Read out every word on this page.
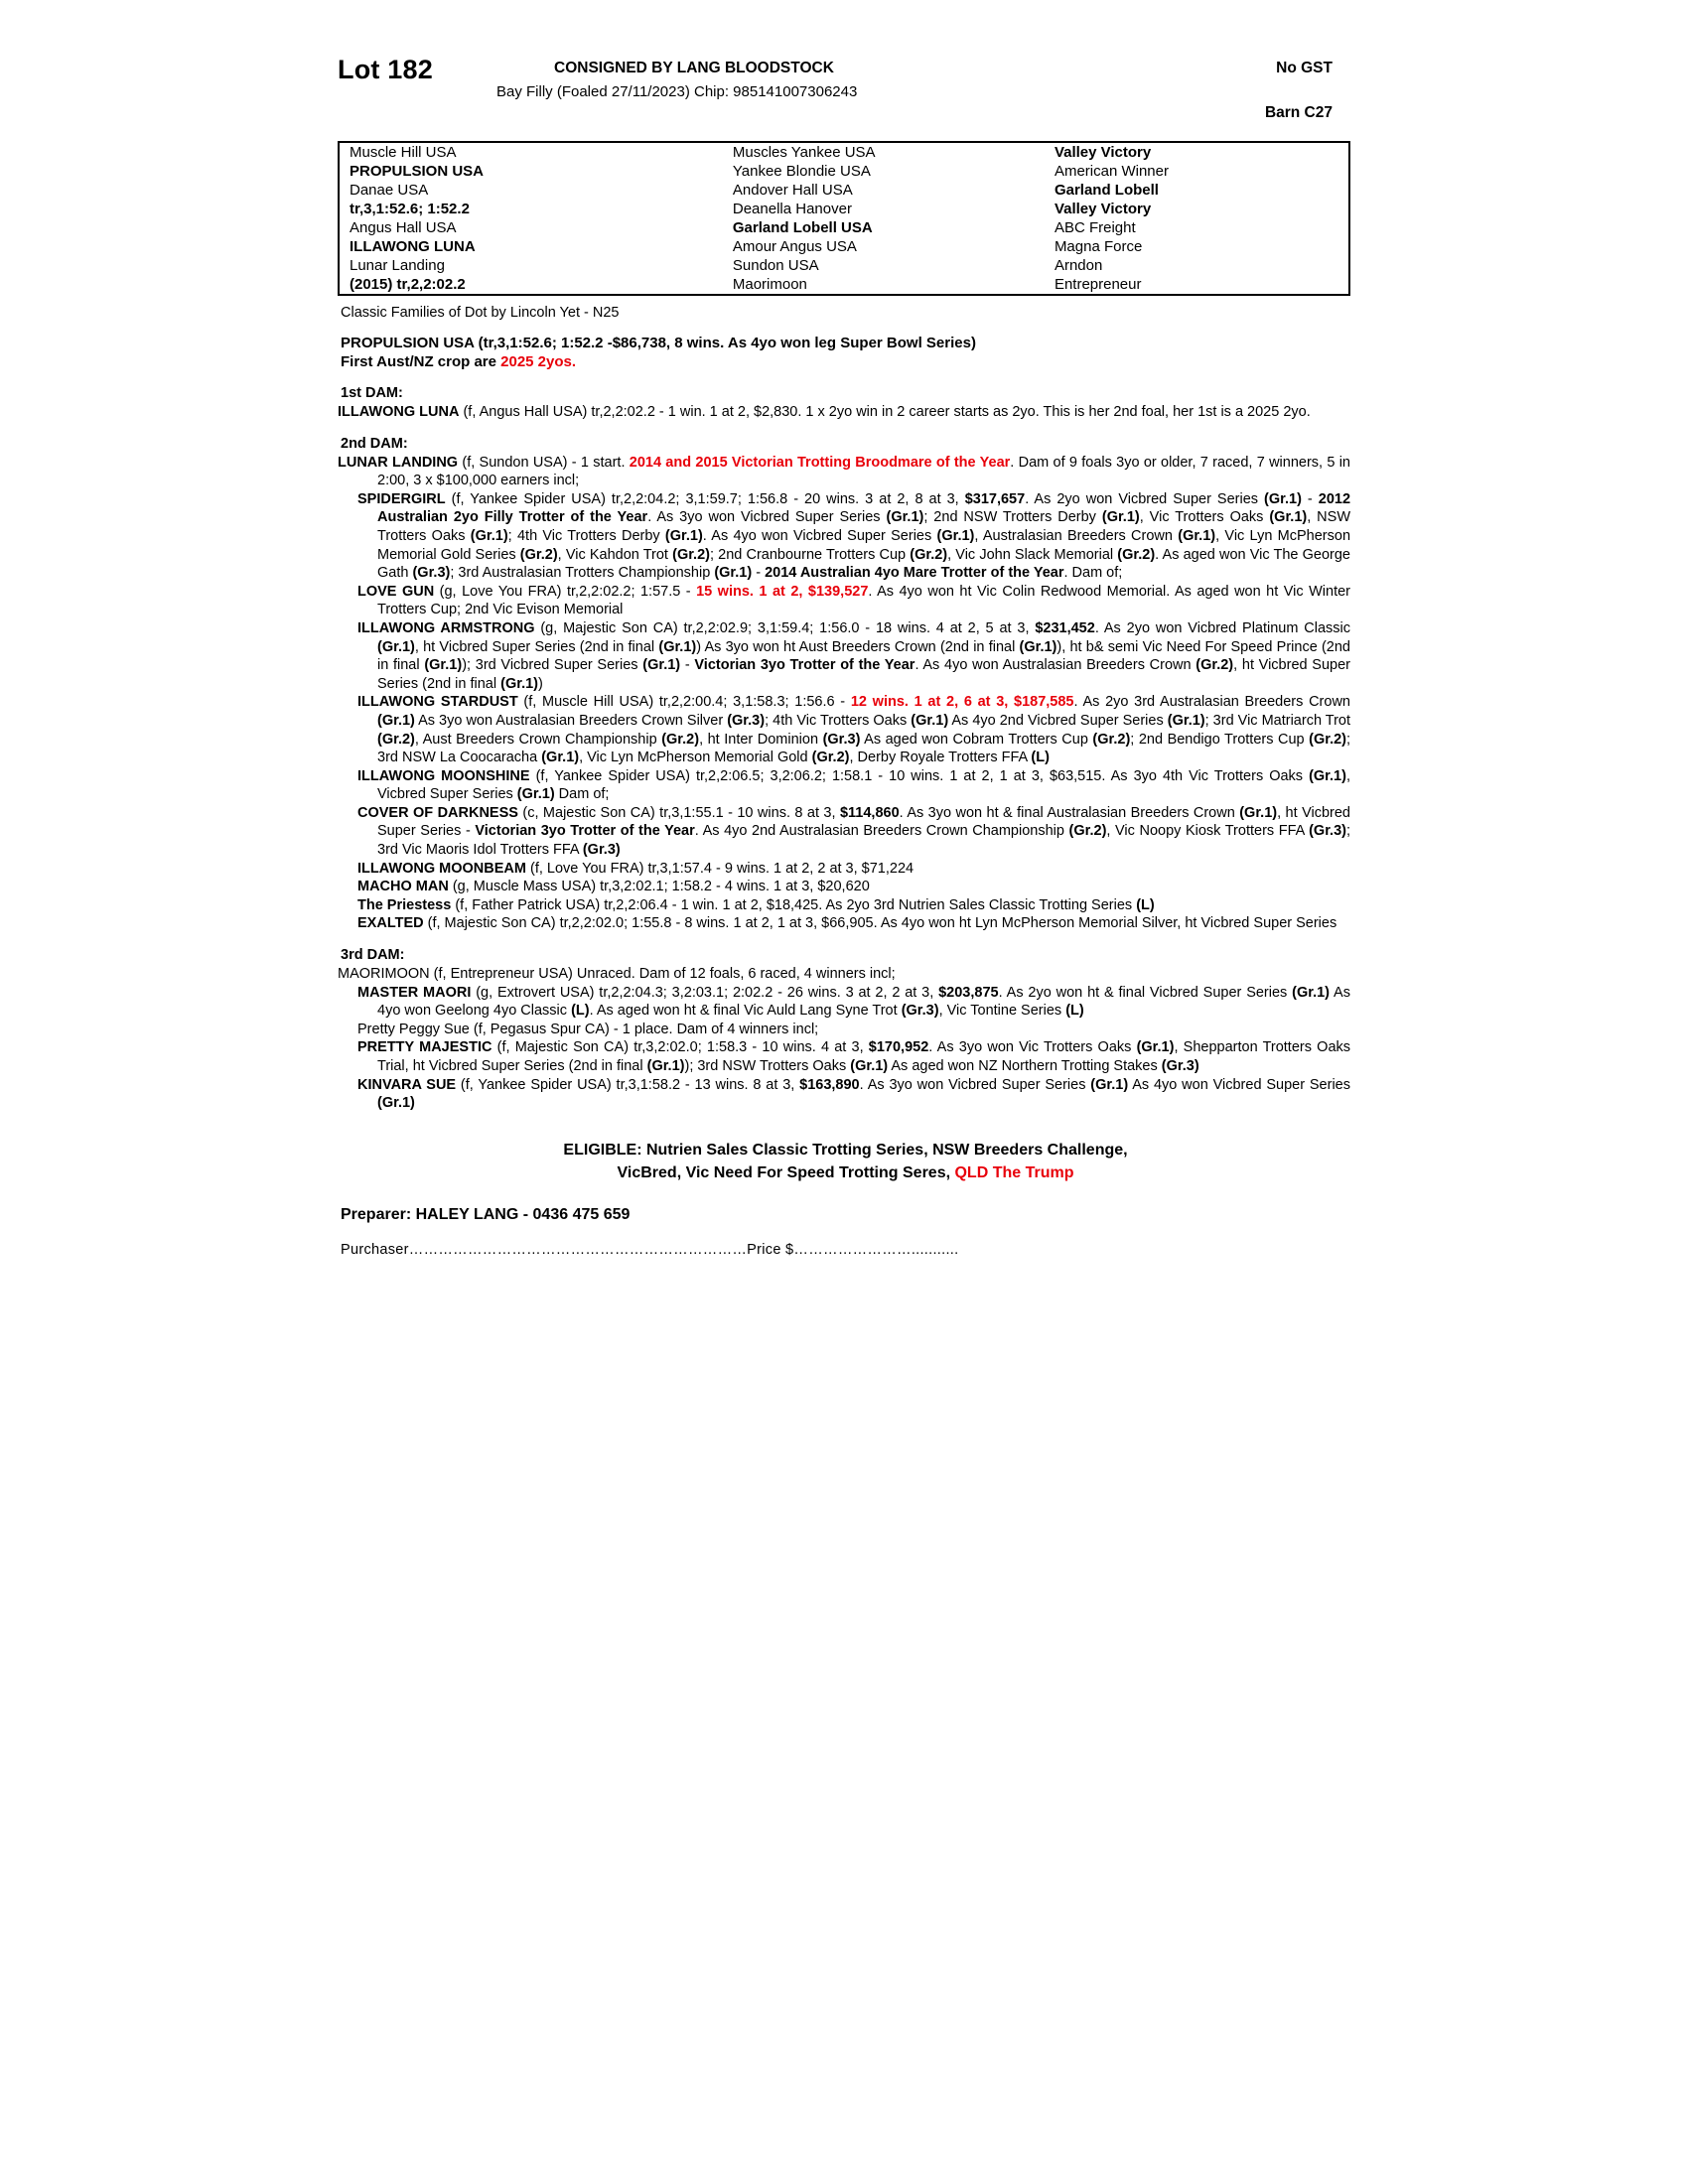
Lot 182	CONSIGNED BY LANG BLOODSTOCK	No GST
Bay Filly (Foaled 27/11/2023) Chip: 985141007306243
Barn C27
Muscle Hill USA	Muscles Yankee USA	Valley Victory

PROPULSION USA	Yankee Blondie USA	American Winner

Danae USA	Andover Hall USA	Garland Lobell

tr,3,1:52.6; 1:52.2	Deanella Hanover	Valley Victory

Angus Hall USA	Garland Lobell USA	ABC Freight

ILLAWONG LUNA	Amour Angus USA	Magna Force

Lunar Landing	Sundon USA	Arndon

(2015) tr,2,2:02.2	Maorimoon	Entrepreneur
Classic Families of Dot by Lincoln Yet - N25
PROPULSION USA (tr,3,1:52.6; 1:52.2 -$86,738, 8 wins. As 4yo won leg Super Bowl Series)
First Aust/NZ crop are 2025 2yos.
1st DAM:

ILLAWONG LUNA (f, Angus Hall USA) tr,2,2:02.2 - 1 win. 1 at 2, $2,830. 1 x 2yo win in 2 career starts as 2yo. This is her 2nd foal, her 1st is a 2025 2yo.

2nd DAM:

LUNAR LANDING (f, Sundon USA) - 1 start. 2014 and 2015 Victorian Trotting Broodmare of the Year. Dam of 9 foals 3yo or older, 7 raced, 7 winners, 5 in 2:00, 3 x $100,000 earners incl;

SPIDERGIRL (f, Yankee Spider USA) tr,2,2:04.2; 3,1:59.7; 1:56.8 - 20 wins. 3 at 2, 8 at 3, $317,657. As 2yo won Vicbred Super Series (Gr.1) - 2012 Australian 2yo Filly Trotter of the Year. As 3yo won Vicbred Super Series (Gr.1); 2nd NSW Trotters Derby (Gr.1), Vic Trotters Oaks (Gr.1), NSW Trotters Oaks (Gr.1); 4th Vic Trotters Derby (Gr.1). As 4yo won Vicbred Super Series (Gr.1), Australasian Breeders Crown (Gr.1), Vic Lyn McPherson Memorial Gold Series (Gr.2), Vic Kahdon Trot (Gr.2); 2nd Cranbourne Trotters Cup (Gr.2), Vic John Slack Memorial (Gr.2). As aged won Vic The George Gath (Gr.3); 3rd Australasian Trotters Championship (Gr.1) - 2014 Australian 4yo Mare Trotter of the Year. Dam of;

LOVE GUN (g, Love You FRA) tr,2,2:02.2; 1:57.5 - 15 wins. 1 at 2, $139,527. As 4yo won ht Vic Colin Redwood Memorial. As aged won ht Vic Winter Trotters Cup; 2nd Vic Evison Memorial

ILLAWONG ARMSTRONG (g, Majestic Son CA) tr,2,2:02.9; 3,1:59.4; 1:56.0 - 18 wins. 4 at 2, 5 at 3, $231,452. As 2yo won Vicbred Platinum Classic (Gr.1), ht Vicbred Super Series (2nd in final (Gr.1)) As 3yo won ht Aust Breeders Crown (2nd in final (Gr.1)), ht b& semi Vic Need For Speed Prince (2nd in final (Gr.1)); 3rd Vicbred Super Series (Gr.1) - Victorian 3yo Trotter of the Year. As 4yo won Australasian Breeders Crown (Gr.2), ht Vicbred Super Series (2nd in final (Gr.1))

ILLAWONG STARDUST (f, Muscle Hill USA) tr,2,2:00.4; 3,1:58.3; 1:56.6 - 12 wins. 1 at 2, 6 at 3, $187,585. As 2yo 3rd Australasian Breeders Crown (Gr.1) As 3yo won Australasian Breeders Crown Silver (Gr.3); 4th Vic Trotters Oaks (Gr.1) As 4yo 2nd Vicbred Super Series (Gr.1); 3rd Vic Matriarch Trot (Gr.2), Aust Breeders Crown Championship (Gr.2), ht Inter Dominion (Gr.3) As aged won Cobram Trotters Cup (Gr.2); 2nd Bendigo Trotters Cup (Gr.2); 3rd NSW La Coocaracha (Gr.1), Vic Lyn McPherson Memorial Gold (Gr.2), Derby Royale Trotters FFA (L)

ILLAWONG MOONSHINE (f, Yankee Spider USA) tr,2,2:06.5; 3,2:06.2; 1:58.1 - 10 wins. 1 at 2, 1 at 3, $63,515. As 3yo 4th Vic Trotters Oaks (Gr.1), Vicbred Super Series (Gr.1) Dam of;

COVER OF DARKNESS (c, Majestic Son CA) tr,3,1:55.1 - 10 wins. 8 at 3, $114,860. As 3yo won ht & final Australasian Breeders Crown (Gr.1), ht Vicbred Super Series - Victorian 3yo Trotter of the Year. As 4yo 2nd Australasian Breeders Crown Championship (Gr.2), Vic Noopy Kiosk Trotters FFA (Gr.3); 3rd Vic Maoris Idol Trotters FFA (Gr.3)

ILLAWONG MOONBEAM (f, Love You FRA) tr,3,1:57.4 - 9 wins. 1 at 2, 2 at 3, $71,224

MACHO MAN (g, Muscle Mass USA) tr,3,2:02.1; 1:58.2 - 4 wins. 1 at 3, $20,620

The Priestess (f, Father Patrick USA) tr,2,2:06.4 - 1 win. 1 at 2, $18,425. As 2yo 3rd Nutrien Sales Classic Trotting Series (L)

EXALTED (f, Majestic Son CA) tr,2,2:02.0; 1:55.8 - 8 wins. 1 at 2, 1 at 3, $66,905. As 4yo won ht Lyn McPherson Memorial Silver, ht Vicbred Super Series

3rd DAM:

MAORIMOON (f, Entrepreneur USA) Unraced. Dam of 12 foals, 6 raced, 4 winners incl;

MASTER MAORI (g, Extrovert USA) tr,2,2:04.3; 3,2:03.1; 2:02.2 - 26 wins. 3 at 2, 2 at 3, $203,875. As 2yo won ht & final Vicbred Super Series (Gr.1) As 4yo won Geelong 4yo Classic (L). As aged won ht & final Vic Auld Lang Syne Trot (Gr.3), Vic Tontine Series (L)

Pretty Peggy Sue (f, Pegasus Spur CA) - 1 place. Dam of 4 winners incl;

PRETTY MAJESTIC (f, Majestic Son CA) tr,3,2:02.0; 1:58.3 - 10 wins. 4 at 3, $170,952. As 3yo won Vic Trotters Oaks (Gr.1), Shepparton Trotters Oaks Trial, ht Vicbred Super Series (2nd in final (Gr.1)); 3rd NSW Trotters Oaks (Gr.1) As aged won NZ Northern Trotting Stakes (Gr.3)

KINVARA SUE (f, Yankee Spider USA) tr,3,1:58.2 - 13 wins. 8 at 3, $163,890. As 3yo won Vicbred Super Series (Gr.1) As 4yo won Vicbred Super Series (Gr.1)

ELIGIBLE: Nutrien Sales Classic Trotting Series, NSW Breeders Challenge,
VicBred, Vic Need For Speed Trotting Seres, QLD The Trump
Preparer: HALEY LANG - 0436 475 659
Purchaser……………………………………………………………Price $……………………...........
